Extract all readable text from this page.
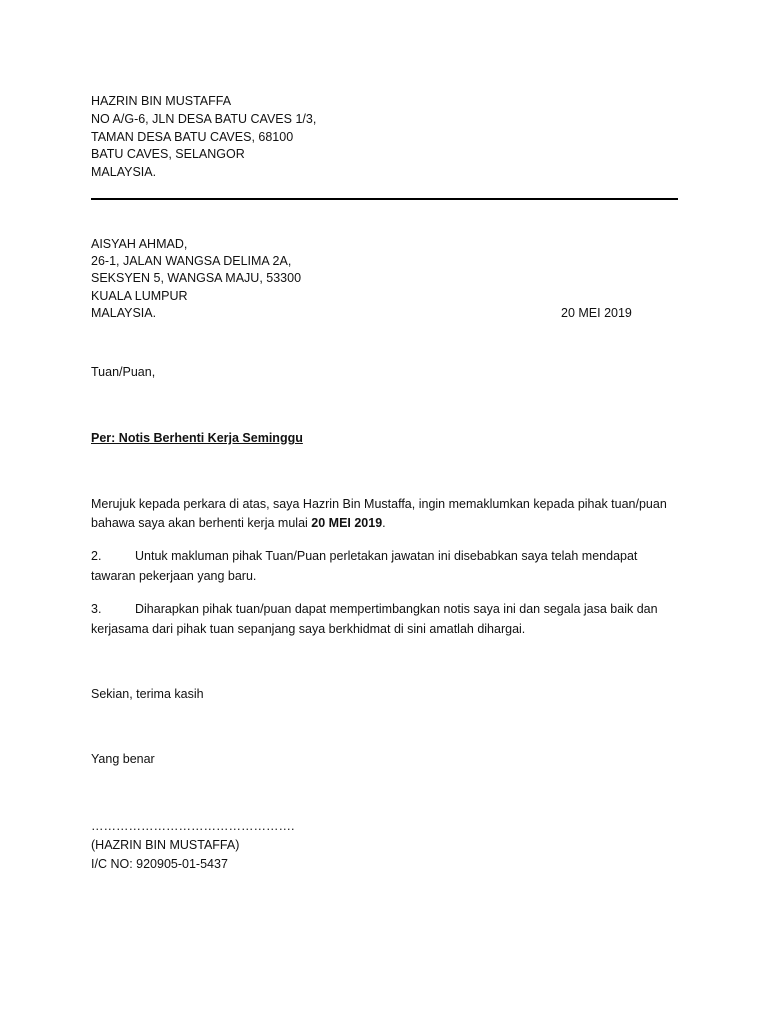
HAZRIN BIN MUSTAFFA
NO A/G-6, JLN DESA BATU CAVES 1/3,
TAMAN DESA BATU CAVES, 68100
BATU CAVES, SELANGOR
MALAYSIA.
AISYAH AHMAD,
26-1, JALAN WANGSA DELIMA 2A,
SEKSYEN 5, WANGSA MAJU, 53300
KUALA LUMPUR
MALAYSIA.	20 MEI 2019
Tuan/Puan,
Per: Notis Berhenti Kerja Seminggu
Merujuk kepada perkara di atas, saya Hazrin Bin Mustaffa, ingin memaklumkan kepada pihak tuan/puan
bahawa saya akan berhenti kerja mulai 20 MEI 2019.
2.	Untuk makluman pihak Tuan/Puan perletakan jawatan ini disebabkan saya telah mendapat
tawaran pekerjaan yang baru.
3.	Diharapkan pihak tuan/puan dapat mempertimbangkan notis saya ini dan segala jasa baik dan
kerjasama dari pihak tuan sepanjang saya berkhidmat di sini amatlah dihargai.
Sekian, terima kasih
Yang benar
………………………………………….
(HAZRIN BIN MUSTAFFA)
I/C NO: 920905-01-5437
